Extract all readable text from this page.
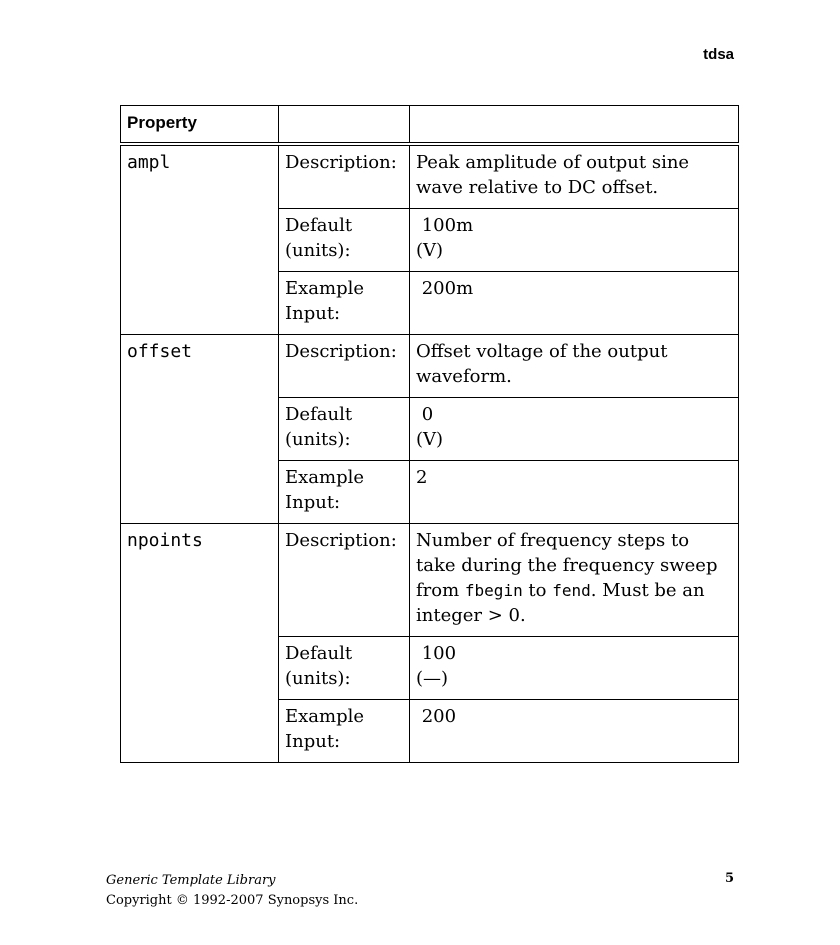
tdsa
Property		
ampl	Description:	Peak amplitude of output sine wave relative to DC offset.
	Default (units):	100m
(V)
	Example Input:	200m
offset	Description:	Offset voltage of the output waveform.
	Default (units):	0
(V)
	Example Input:	2
npoints	Description:	Number of frequency steps to take during the frequency sweep from fbegin to fend. Must be an integer > 0.
	Default (units):	100
(—)
	Example Input:	200
Generic Template Library
Copyright © 1992-2007 Synopsys Inc.
5
